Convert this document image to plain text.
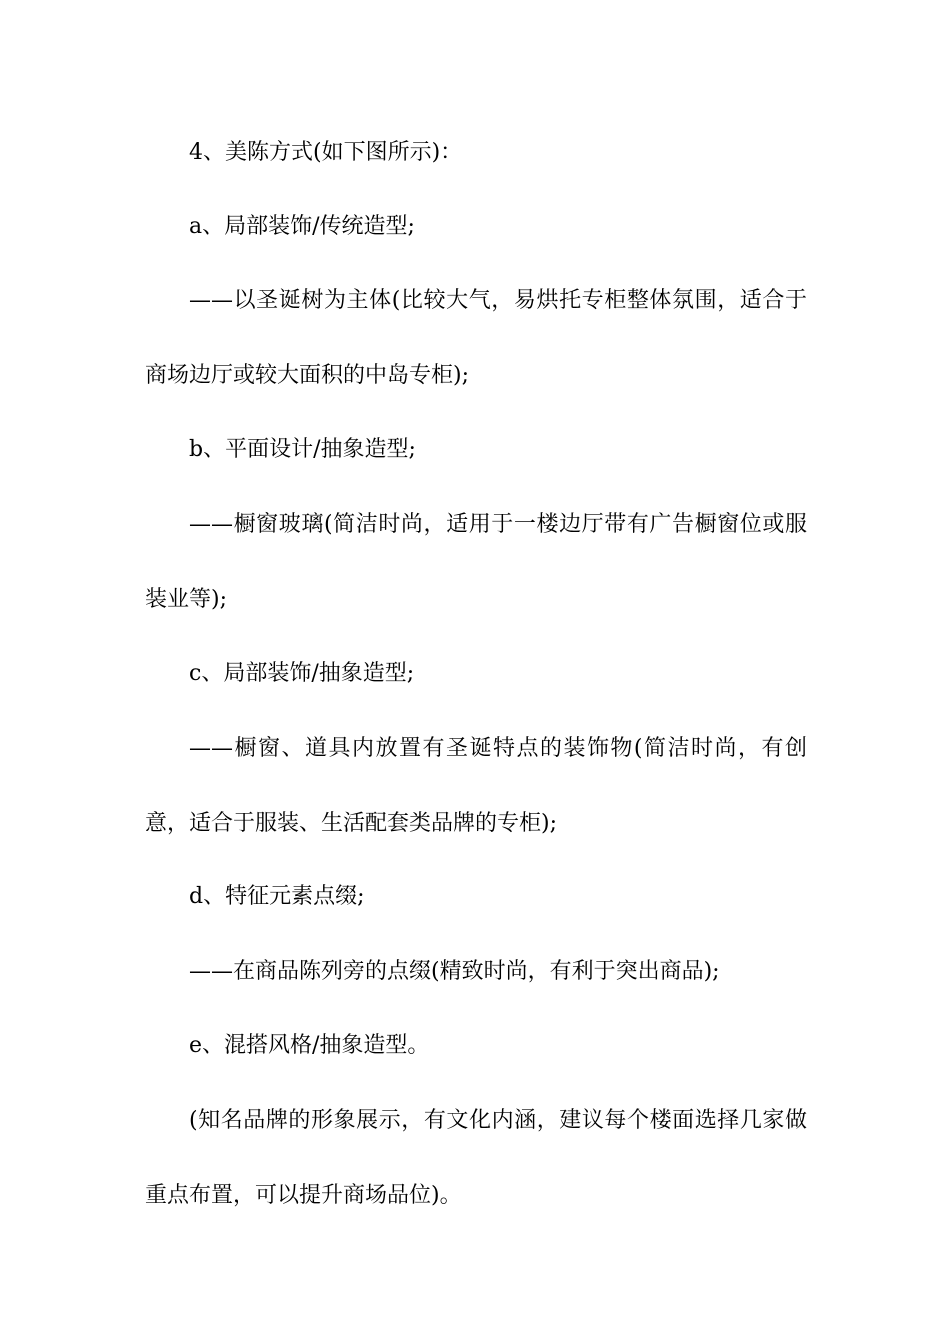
4、美陈方式(如下图所示)：

a、局部装饰/传统造型;

——以圣诞树为主体(比较大气，易烘托专柜整体氛围，适合于商场边厅或较大面积的中岛专柜);

b、平面设计/抽象造型;

——橱窗玻璃(简洁时尚，适用于一楼边厅带有广告橱窗位或服装业等);

c、局部装饰/抽象造型;

——橱窗、道具内放置有圣诞特点的装饰物(简洁时尚，有创意，适合于服装、生活配套类品牌的专柜);

d、特征元素点缀;

——在商品陈列旁的点缀(精致时尚，有利于突出商品);

e、混搭风格/抽象造型。

(知名品牌的形象展示，有文化内涵，建议每个楼面选择几家做重点布置，可以提升商场品位)。
